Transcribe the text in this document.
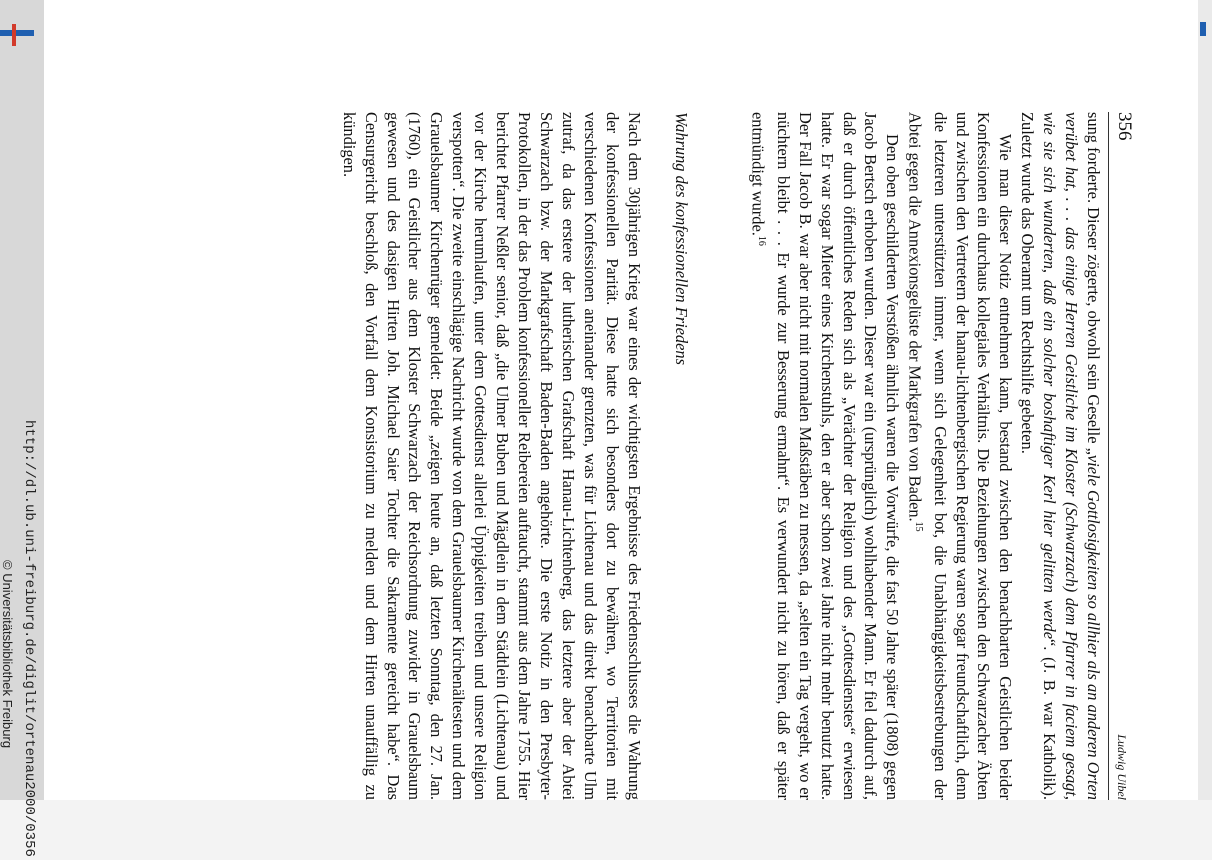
356
Ludwig Uibel

sung forderte. Dieser zögerte, obwohl sein Geselle „viele Gottlosigkeiten so allhier als an anderen Orten verübet hat, . . . das einige Herren Geistliche im Kloster (Schwarzach) dem Pfarrer in faciem gesagt, wie sie sich wunderten, daß ein solcher boshaftiger Kerl hier gelitten werde“. (J. B. war Katholik). Zuletzt wurde das Oberamt um Rechtshilfe gebeten.

Wie man dieser Notiz entnehmen kann, bestand zwischen den benachbarten Geistlichen beider Konfessionen ein durchaus kollegiales Verhältnis. Die Beziehungen zwischen den Schwarzacher Äbten und zwischen den Vertretern der hanau-lichtenbergischen Regierung waren sogar freundschaftlich, denn die letzteren unterstützten immer, wenn sich Gelegenheit bot, die Unabhängigkeitsbestrebungen der Abtei gegen die Annexionsgelüste der Markgrafen von Baden.$^{15}$

Den oben geschilderten Verstößen ähnlich waren die Vorwürfe, die fast 50 Jahre später (1808) gegen Jacob Bertsch erhoben wurden. Dieser war ein (ursprünglich) wohlhabender Mann. Er fiel dadurch auf, daß er durch öffentliches Reden sich als „Verächter der Religion und des „Gottesdienstes“ erwiesen hatte. Er war sogar Mieter eines Kirchenstuhls, den er aber schon zwei Jahre nicht mehr benutzt hatte. Der Fall Jacob B. war aber nicht mit normalen Maßstäben zu messen, da „selten ein Tag vergeht, wo er nüchtern bleibt . . . Er wurde zur Besserung ermahnt“. Es verwundert nicht zu hören, daß er später entmündigt wurde.$^{16}$

Wahrung des konfessionellen Friedens

Nach dem 30jährigen Krieg war eines der wichtigsten Ergebnisse des Friedensschlusses die Wahrung der konfessionellen Parität. Diese hatte sich besonders dort zu bewähren, wo Territorien mit verschiedenen Konfessionen aneinander grenzten, was für Lichtenau und das direkt benachbarte Ulm zutraf, da das erstere der lutherischen Grafschaft Hanau-Lichtenberg, das letztere aber der Abtei Schwarzach bzw. der Markgrafschaft Baden-Baden angehörte. Die erste Notiz in den Presbyter-Protokollen, in der das Problem konfessioneller Reibereien auftaucht, stammt aus dem Jahre 1755. Hier berichtet Pfarrer Neßler senior, daß „die Ulmer Buben und Mägdlein in dem Städtlein (Lichtenau) und vor der Kirche herumlaufen, unter dem Gottesdienst allerlei Üppigkeiten treiben und unsere Religion verspotten“. Die zweite einschlägige Nachricht wurde von dem Grauelsbaumer Kirchenältesten und dem Grauelsbaumer Kirchenrüger gemeldet: Beide „zeigen heute an, daß letzten Sonntag, den 27. Jan. (1760), ein Geistlicher aus dem Kloster Schwarzach der Reichsordnung zuwider in Grauelsbaum gewesen und des dasigen Hirten Joh. Michael Saier Tochter die Sakramente gereicht habe“. Das Censurgericht beschloß, den Vorfall dem Konsistorium zu melden und dem Hirten unauffällig zu kündigen.

http://dl.ub.uni-freiburg.de/diglit/ortenau2000/0356
© Universitätsbibliothek Freiburg
